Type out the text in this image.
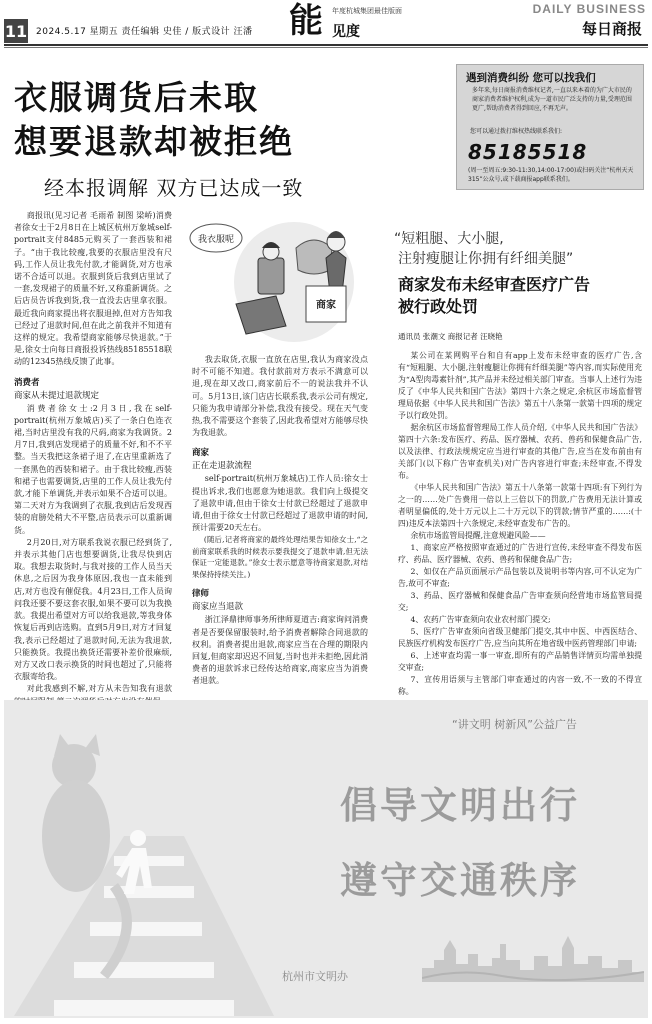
11 2024.5.17 星期五 责任编辑 史佳 / 版式设计 汪潘 能 年度杭城集团最佳版面
见度
DAILY BUSINESS
每日商报
衣服调货后未取
想要退款却被拒绝
经本报调解 双方已达成一致
遇到消费纠纷 您可以找我们
多年来,每日商报消费维权记者,一直以来本着的为广大市民的商家消费者维护权利,成为一道市民广泛支持的力量,受理范围更广,帮助消费者得到回应,不再无声。
您可以通过拨打维权热线联系我们:
85185518
(周一至周五:9:30-11:30,14:00-17:00)或扫码关注“杭州天天315”公众号,或下载商报app联系我们。
我衣服呢
商家

商报讯(见习记者 毛雨希 制图 梁峤)消费者徐女士于2月8日在上城区杭州万象城self-portrait支付8485元购买了一套西装和裙子。“由于我比较瘦,我要的衣服店里没有尺码,工作人员让我先付款,才能调货,对方也承诺不合适可以退。衣服到货后我到店里试了一套,发现裙子的质量不好,又称重新调货。之后店员告诉我到货,我一直没去店里拿衣服。最近我向商家提出将衣服退掉,但对方告知我已经过了退款时间,但在此之前我并不知道有这样的规定。我希望商家能够尽快退款。”于是,徐女士向每日商报投诉热线85185518联动的12345热线反馈了此事。

消费者
商家从未提过退款规定

消费者徐女士:2月3日,我在self-portrait(杭州万象城店)买了一条白色连衣裙,当时店里没有我的尺码,商家为我调货。2月7日,我到店发现裙子的质量不好,和不不平整。当天我把这条裙子退了,在店里重新选了一套黑色的西装和裙子。由于我比较瘦,西装和裙子也需要调货,店里的工作人员让我先付款,才能下单调货,并表示如果不合适可以退。第二天对方为我调到了衣服,我到店后发现西装的肩膀处稍大不平整,店员表示可以重新调货。

2月20日,对方联系我说衣服已经到货了,并表示其他门店也想要调货,让我尽快到店取。我想去取货时,与我对接的工作人员当天休息,之后因为我身体原因,我也一直未能到店,对方也没有催促我。4月23日,工作人员询问我还要不要这套衣服,如果不要可以为我换款。我提出希望对方可以给我退款,等我身体恢复后再到店选购。直到5月9日,对方才回复我,表示已经超过了退款时间,无法为我退款,只能换货。我提出换货还需要补差价很麻烦,对方又改口表示换货的时间也超过了,只能将衣服寄给我。

对此我感到不解,对方从未告知我有退款

我去取货,衣服一直放在店里,我认为商家没点时不可能不知道。我付款前对方表示不满意可以退,现在却又改口,商家前后不一的说法我并不认可。5月13日,该门店店长联系我,表示公司有规定,只能为我申请部分补偿,我没有接受。现在天气变热,我不需要这个套装了,因此我希望对方能够尽快为我退款。

商家
正在走退款流程

self-portrait(杭州万象城店)工作人员:徐女士提出诉求,我们也愿意为她退款。我们向上级提交了退款申请,但由于徐女士付款已经超过了退款申请,但由于徐女士付款已经超过了退款申请的时间,预计需要20天左右。

(随后,记者将商家的最终处理结果告知徐女士,“之前商家联系我的时候表示要我提交了退款申请,但无法保证一定能退款。”徐女士表示愿意等待商家退款,对结果保持持续关注。)

律师
商家应当退款

浙江泽鼎律师事务所律师夏道吉:商家询问消费者是否要保留服装时,给予消费者解除合同退款的权利。消费者提出退款,商家应当在合理的期限内回复,但商家却迟迟不回复,当时也并未拒绝,因此消费者的退款诉求已经传达给商家,商家应当为消费者退款。

“短粗腿、大小腿,
注射瘦腿让你拥有纤细美腿”
商家发布未经审查医疗广告
被行政处罚
通讯员 张潮文 商报记者 汪晓艳

某公司在某网购平台和自有app上发布未经审查的医疗广告,含有“短粗腿、大小腿,注射瘦腿让你拥有纤细美腿”等内容,而实际使用充为“A型肉毒素针剂”,其产品并未经过相关部门审查。当事人上述行为违反了《中华人民共和国广告法》第四十六条之规定,余杭区市场监督管理局依据《中华人民共和国广告法》第五十八条第一款第十四项的规定予以行政处罚。

据余杭区市场监督管理局工作人员介绍,《中华人民共和国广告法》第四十六条:发布医疗、药品、医疗器械、农药、兽药和保健食品广告,以及法律、行政法规规定应当进行审查的其他广告,应当在发布前由有关部门(以下称广告审查机关)对广告内容进行审查;未经审查,不得发布。

《中华人民共和国广告法》第五十八条第一款第十四项:有下列行为之一的……处广告费用一倍以上三倍以下的罚款,广告费用无法计算或者明显偏低的,处十万元以上二十万元以下的罚款;情节严重的……:(十四)违反本法第四十六条规定,未经审查发布广告的。

余杭市场监管局提醒,注意规避风险——

1、商家应严格按照审查通过的广告进行宣传,未经审查不得发布医疗、药品、医疗器械、农药、兽药和保健食品广告;

2、如仅在产品页面展示产品包装以及说明书等内容,可不认定为广告,故可不审查;

3、药品、医疗器械和保健食品广告审查须向经营地市场监管局提交;

4、农药广告审查须向农业农村部门提交;

5、医疗广告审查须向省级卫健部门提交,其中中医、中西医结合、民族医疗机构发布医疗广告,应当向其所在地省级中医药管理部门申请;

6、上述审查均需一事一审查,即所有的产品销售详情页均需单独提交审查;

7、宣传用语须与主管部门审查通过的内容一致,不一致的不得宣称。

“讲文明 树新风”公益广告
倡导文明出行
遵守交通秩序
杭州市文明办
